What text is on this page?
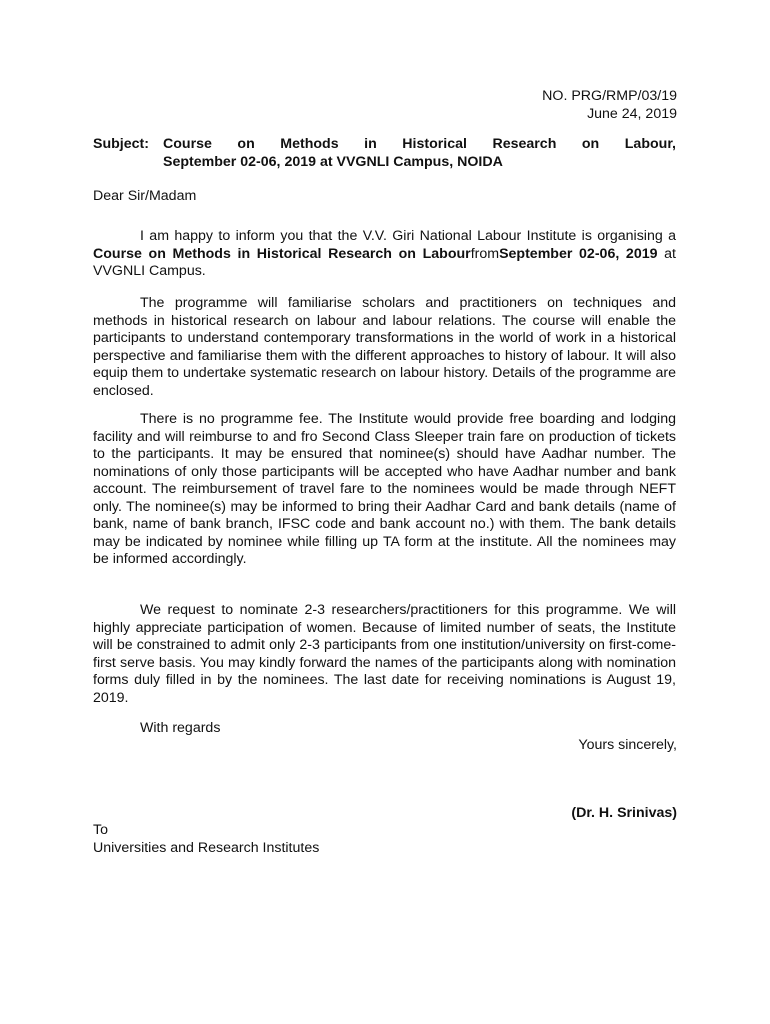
NO. PRG/RMP/03/19
June 24, 2019
Subject: Course on Methods in Historical Research on Labour,
September 02-06, 2019 at VVGNLI Campus, NOIDA
Dear Sir/Madam

I am happy to inform you that the V.V. Giri National Labour Institute is organising a Course on Methods in Historical Research on LabourfromSeptember 02-06, 2019 at VVGNLI Campus.

The programme will familiarise scholars and practitioners on techniques and methods in historical research on labour and labour relations. The course will enable the participants to understand contemporary transformations in the world of work in a historical perspective and familiarise them with the different approaches to history of labour. It will also equip them to undertake systematic research on labour history. Details of the programme are enclosed.

There is no programme fee. The Institute would provide free boarding and lodging facility and will reimburse to and fro Second Class Sleeper train fare on production of tickets to the participants. It may be ensured that nominee(s) should have Aadhar number. The nominations of only those participants will be accepted who have Aadhar number and bank account. The reimbursement of travel fare to the nominees would be made through NEFT only. The nominee(s) may be informed to bring their Aadhar Card and bank details (name of bank, name of bank branch, IFSC code and bank account no.) with them. The bank details may be indicated by nominee while filling up TA form at the institute. All the nominees may be informed accordingly.

We request to nominate 2-3 researchers/practitioners for this programme. We will highly appreciate participation of women. Because of limited number of seats, the Institute will be constrained to admit only 2-3 participants from one institution/university on first-come-first serve basis. You may kindly forward the names of the participants along with nomination forms duly filled in by the nominees. The last date for receiving nominations is August 19, 2019.

With regards
Yours sincerely,
(Dr. H. Srinivas)
To
Universities and Research Institutes
